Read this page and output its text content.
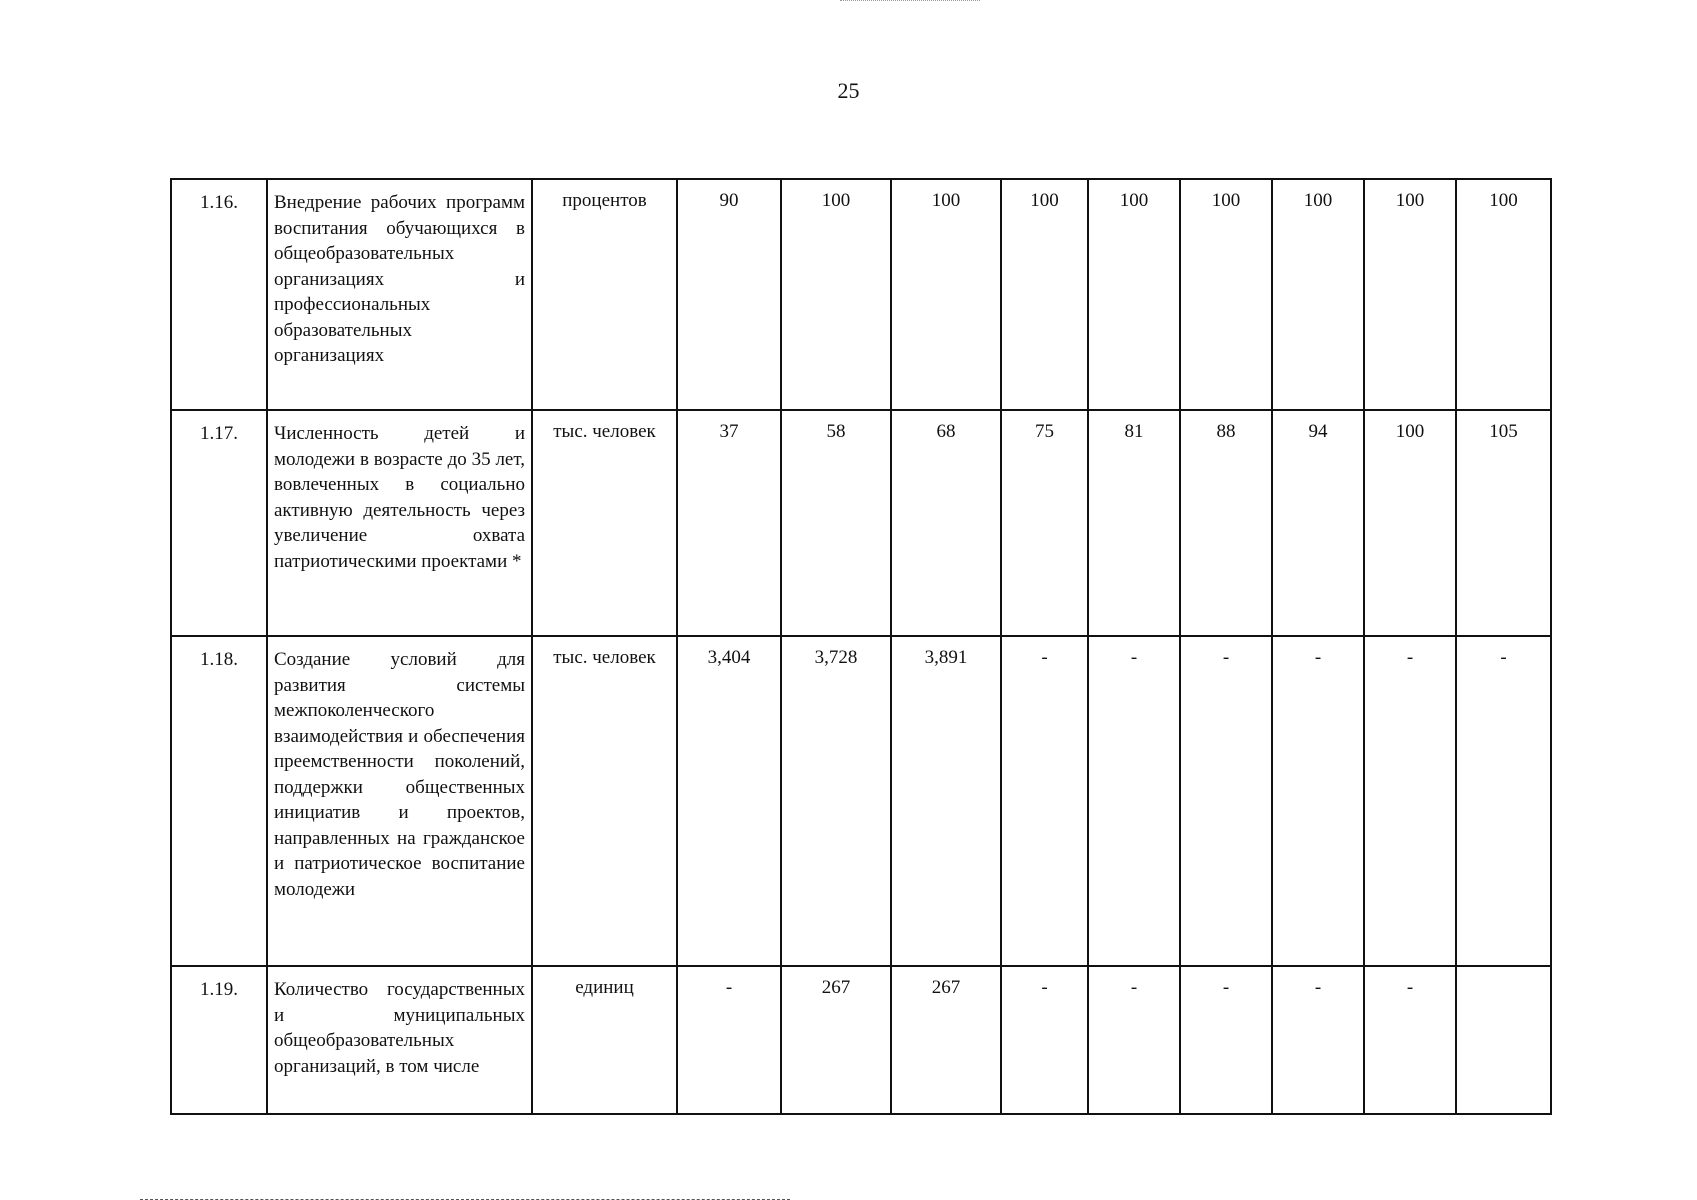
25
1.16.	Внедрение рабочих программ воспитания обучающихся в общеобразовательных организациях и профессиональных образовательных организациях	процентов	90	100	100	100	100	100	100	100	100
1.17.	Численность детей и молодежи в возрасте до 35 лет, вовлеченных в социально активную деятельность через увеличение охвата патриотическими проектами *	тыс. человек	37	58	68	75	81	88	94	100	105
1.18.	Создание условий для развития системы межпоколенческого взаимодействия и обеспечения преемственности поколений, поддержки общественных инициатив и проектов, направленных на гражданское и патриотическое воспитание молодежи	тыс. человек	3,404	3,728	3,891	-	-	-	-	-	-
1.19.	Количество государственных и муниципальных общеобразовательных организаций, в том числе	единиц	-	267	267	-	-	-	-	-	
